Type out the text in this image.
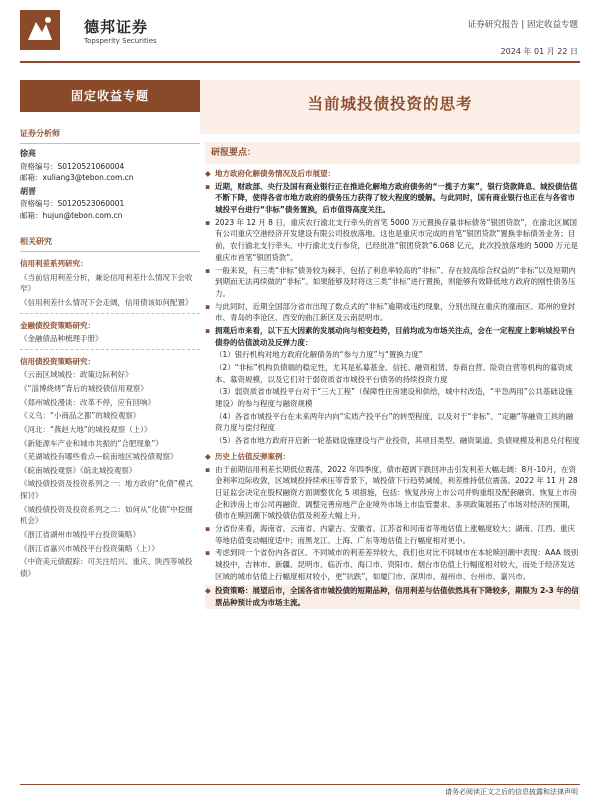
德邦证券
Topsperity Securities
证券研究报告 | 固定收益专题
2024 年 01 月 22 日
固定收益专题	当前城投债投资的思考
证券分析师
徐亮
资格编号：S0120521060004
邮箱：xuliang3@tebon.com.cn
胡晋
资格编号：S0120523060001
邮箱：hujun@tebon.com.cn
相关研究
信用利差系列研究：
《当前信用利差分析，兼论信用利差什么情况下会收窄》
《信用利差什么情况下会走阔，信用债该如何配置》
金融债投资策略研究：
《金融债品种梳理手册》
信用债投资策略研究：
《云南区域城投：政策边际利好》
《“淄博烧烤”背后的城投债信用观察》
《郑州城投漫谈：改革不停，应有回响》
《义乌：“小商品之都”的城投观察》
《河北：“燕赵大地”的城投观察（上）》
《新能源车产业和城市共振的“合肥现象”》
《芜湖城投有哪些看点—皖南地区城投债观察》
《皖南城投观察》《皖北城投观察》
《城投债投资及投资系列之一：地方政府“化债”模式探讨》
《城投债投资及投资系列之二：如何从“化债”中挖掘机会》
《浙江省湖州市城投平台投资策略》
《浙江省嘉兴市城投平台投资策略（上）》
《中资美元债跟踪：可关注绍兴、重庆、陕西等城投债》
研报要点：
◆ 地方政府化解债务情况及后市展望：
▪ 近期，财政部、央行及国有商业银行正在推进化解地方政府债务的“一揽子方案”，银行贷款降息、城投债估值不断下降，使得各省市地方政府的债务压力获得了较大程度的缓解。与此同时，国有商业银行也正在与各省市城投平台进行“非标”债务置换，后市值得高度关注。
▪ 2023 年 12 月 8 日，重庆农行渝北支行牵头的首笔 5000 万元置换存量非标债务“银团贷款”，在渝北区属国有公司重庆空港经济开发建设有限公司投放落地。这也是重庆市完成的首笔“银团贷款”置换非标债务业务；目前，农行渝北支行牵头、中行渝北支行参贷，已经批准“银团贷款”6.068 亿元，此次投放落地的 5000 万元是重庆市首笔“银团贷款”。
▪ 一般来说，有三类“非标”债务较为棘手，包括了利息率较高的“非标”、存在较高综合权益的“非标”以及短期内到期而无法再续做的“非标”。如果能够及时将这三类“非标”进行置换，则能够有效降低地方政府的刚性债务压力。
▪ 与此同时，近期全国部分省市出现了数点式的“非标”逾期或违约现象，分别出现在重庆的潼南区、郑州的登封市、青岛的李沧区、西安的曲江新区及云南昆明市。
▪ 拥观后市来看，以下五大因素的发展动向与相变趋势，目前均成为市场关注点，会在一定程度上影响城投平台债券的估值波动及反弹力度：
（1）银行机构对地方政府化解债务的“参与力度”与“置换力度”
（2）“非标”机构负债端的稳定性，尤其是私募基金、信托、融资租赁、券商自营、险资自营等机构的募资成本、募资规模，以及它们对于弱资质省市城投平台债务的持续投资力度
（3）弱资质省市城投平台对于“三大工程”（保障性住房建设和供给，城中村改造，“平急两用”公共基础设施建设）的参与程度与融资规模
（4）各省市城投平台在未来两年内向“实质产投平台”的转型程度，以及对于“非标”、“定融”等融资工具的融资力度与偿付程度
（5）各省市地方政府开启新一轮基础设施建设与产业投资，其项目类型、融资渠道、负债规模及利息兑付程度
◆ 历史上估值反弹案例：
▪ 由于前期信用利差长期低位震荡，2022 年四季度，债市超调下跌回冲击引发利差大幅走阔：8月-10月，在资金利率边际收敛，区域城投持续承压等背景下，城投债下行趋势减缓，利差维持低位震荡。2022 年 11 月 28 日证监会决定在股权融资方面调整优化 5 项措施，包括：恢复涉房上市公司并购重组及配套融资、恢复上市房企和涉房上市公司再融资、调整完善房地产企业境外市场上市监管要求、多项政策展拓了市场对经济的预期，债市在赎回潮下城投债估值及利差大幅上升。
▪ 分省份来看，海南省、云南省、内蒙古、安徽省、江苏省和河南省等地估值上涨幅度较大；湖南、江西、重庆等地估值变动幅度适中；而黑龙江、上海、广东等地估值上行幅度相对更小。
▪ 考虑到同一个省份内各省区、不同城市的利差差异较大，我们也对比不同城市在本轮赎回潮中表现：AAA 级别城投中，吉林市、新疆、昆明市、临沂市、海口市、资阳市、烟台市估值上行幅度相对较大，而处于经济发达区域的城市估值上行幅度相对较小，更“抗跌”，如厦门市、深圳市、福州市、台州市、嘉兴市。
◆ 投资策略：展望后市，全国各省市城投债的短期品种，信用利差与估值依然具有下降较多，期限为 2-3 年的信票品种预计成为市场主流。
请务必阅读正文之后的信息披露和法律声明
